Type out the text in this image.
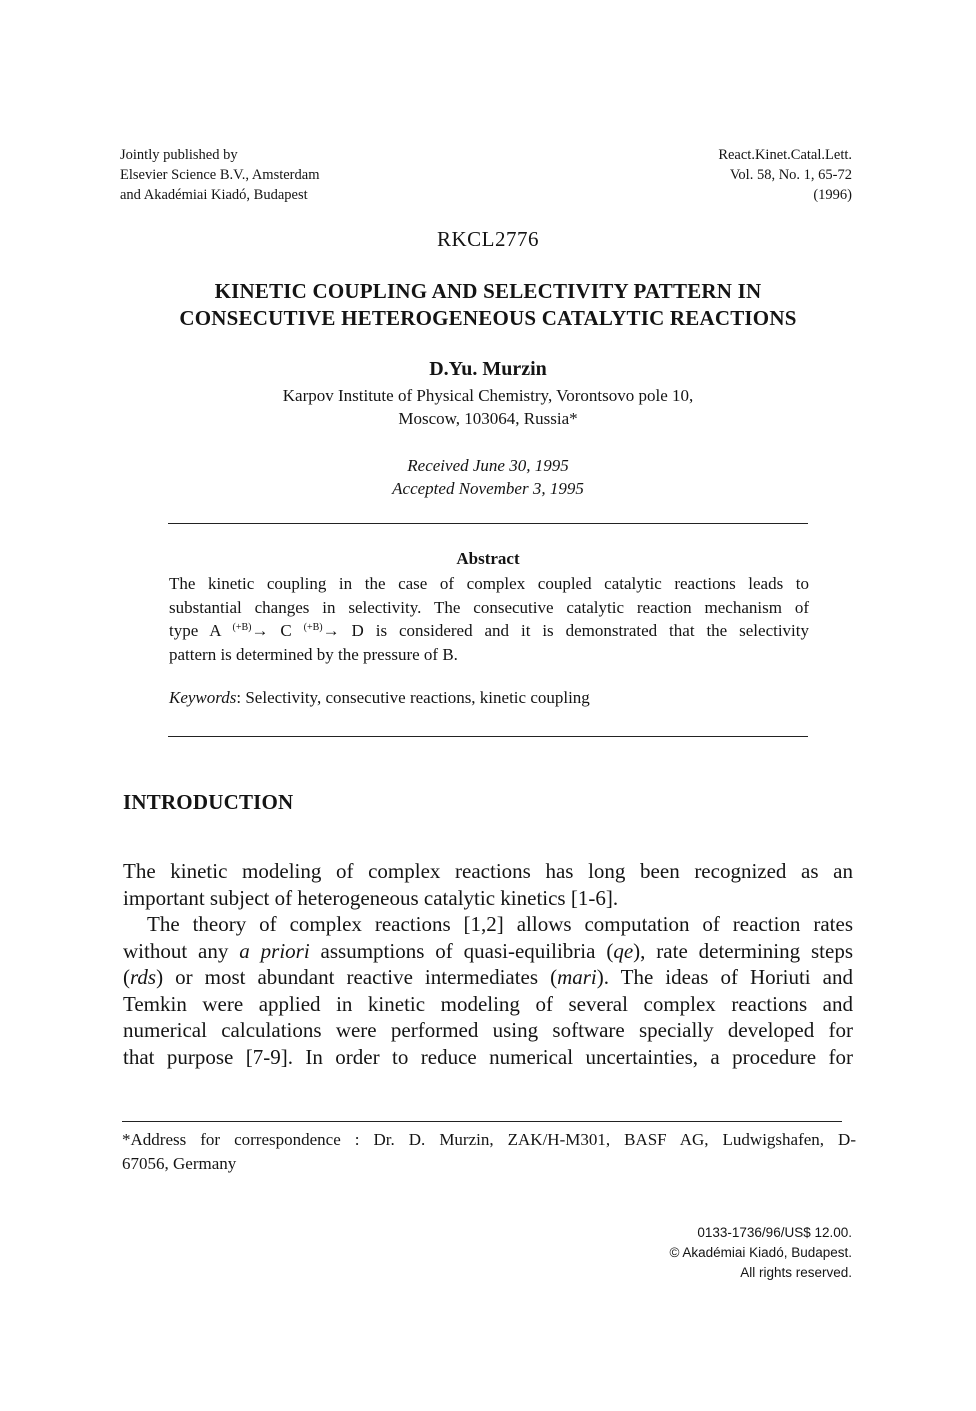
Jointly published by
Elsevier Science B.V., Amsterdam
and Akadémiai Kiadó, Budapest
React.Kinet.Catal.Lett.
Vol. 58, No. 1, 65-72
(1996)
RKCL2776
KINETIC COUPLING AND SELECTIVITY PATTERN IN
CONSECUTIVE HETEROGENEOUS CATALYTIC REACTIONS
D.Yu. Murzin
Karpov Institute of Physical Chemistry, Vorontsovo pole 10,
Moscow, 103064, Russia*
Received June 30, 1995
Accepted November 3, 1995
Abstract
The kinetic coupling in the case of complex coupled catalytic reactions leads to
substantial changes in selectivity. The consecutive catalytic reaction mechanism of
type A $^{(+B)}$→ C $^{(+B)}$→ D is considered and it is demonstrated that the selectivity
pattern is determined by the pressure of B.
Keywords: Selectivity, consecutive reactions, kinetic coupling
INTRODUCTION
The kinetic modeling of complex reactions has long been recognized as an
important subject of heterogeneous catalytic kinetics [1-6].
The theory of complex reactions [1,2] allows computation of reaction rates
without any a priori assumptions of quasi-equilibria (qe), rate determining steps
(rds) or most abundant reactive intermediates (mari). The ideas of Horiuti and
Temkin were applied in kinetic modeling of several complex reactions and
numerical calculations were performed using software specially developed for
that purpose [7-9]. In order to reduce numerical uncertainties, a procedure for
*Address for correspondence : Dr. D. Murzin, ZAK/H-M301, BASF AG, Ludwigshafen, D-
67056, Germany
0133-1736/96/US$ 12.00.
© Akadémiai Kiadó, Budapest.
All rights reserved.
